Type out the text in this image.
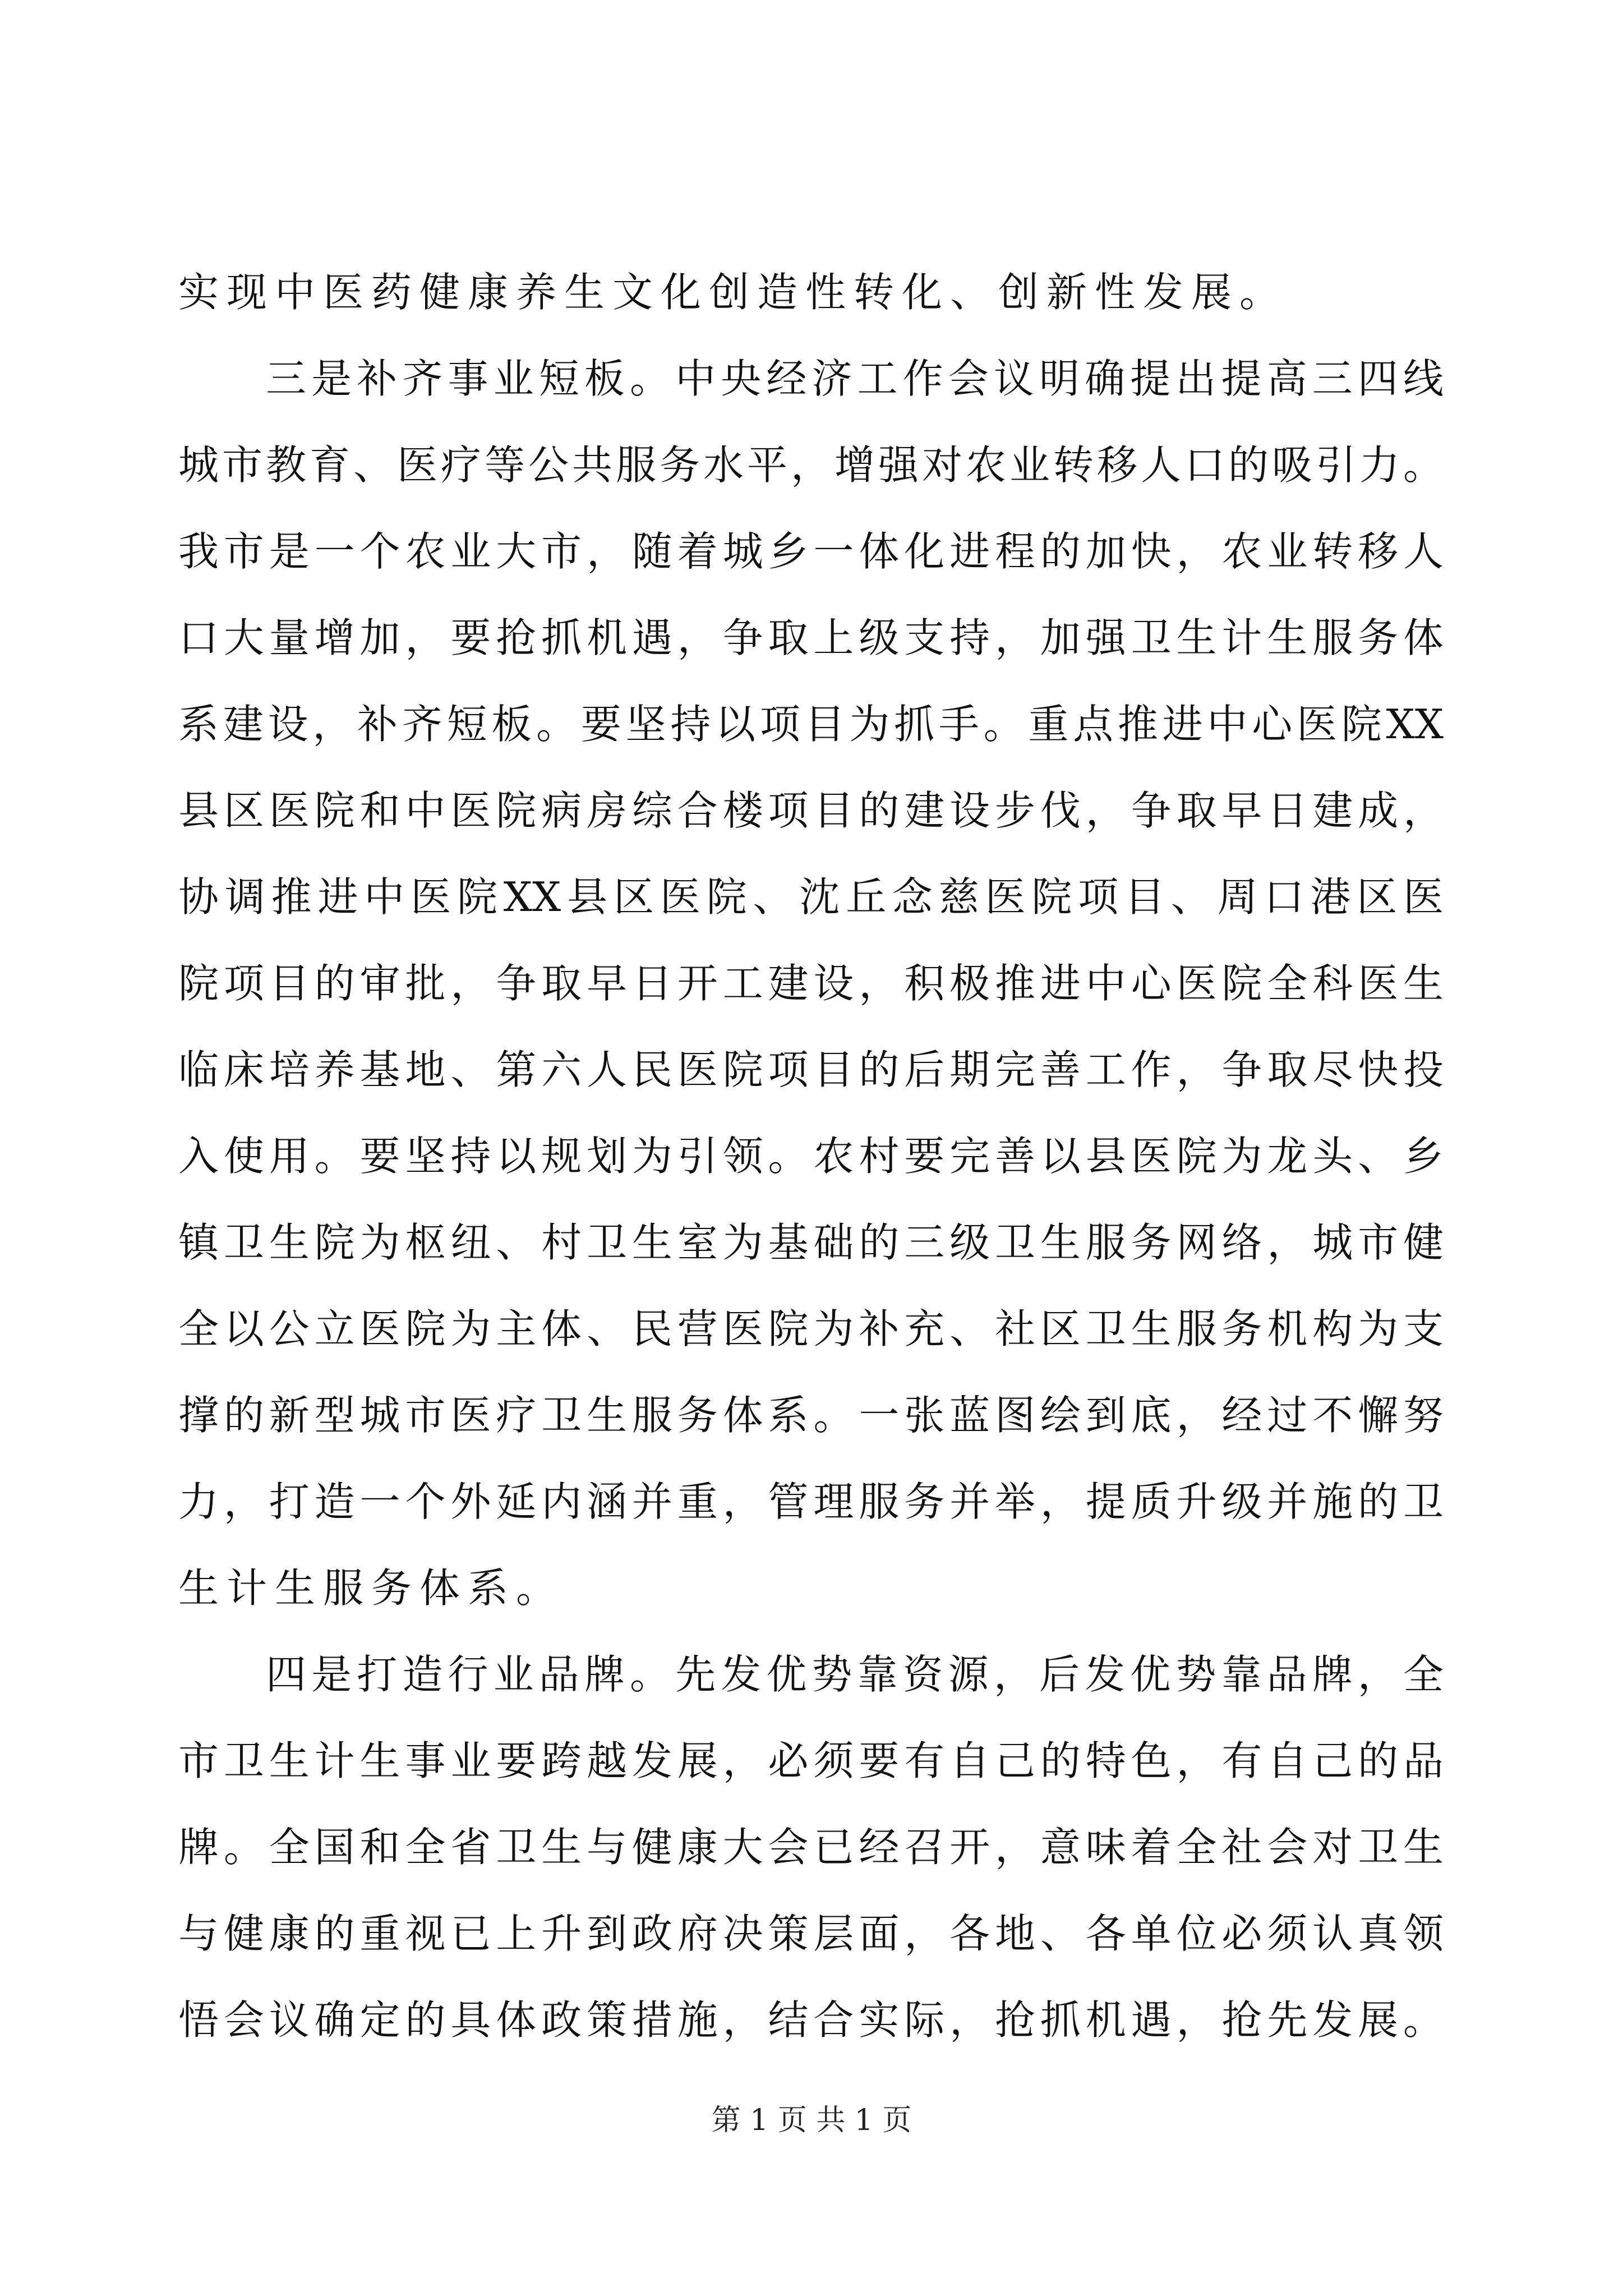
实现中医药健康养生文化创造性转化、创新性发展。
三是补齐事业短板。中央经济工作会议明确提出提高三四线
城市教育、医疗等公共服务水平，增强对农业转移人口的吸引力。
我市是一个农业大市，随着城乡一体化进程的加快，农业转移人
口大量增加，要抢抓机遇，争取上级支持，加强卫生计生服务体
系建设，补齐短板。要坚持以项目为抓手。重点推进中心医院XX
县区医院和中医院病房综合楼项目的建设步伐，争取早日建成，
协调推进中医院XX县区医院、沈丘念慈医院项目、周口港区医
院项目的审批，争取早日开工建设，积极推进中心医院全科医生
临床培养基地、第六人民医院项目的后期完善工作，争取尽快投
入使用。要坚持以规划为引领。农村要完善以县医院为龙头、乡
镇卫生院为枢纽、村卫生室为基础的三级卫生服务网络，城市健
全以公立医院为主体、民营医院为补充、社区卫生服务机构为支
撑的新型城市医疗卫生服务体系。一张蓝图绘到底，经过不懈努
力，打造一个外延内涵并重，管理服务并举，提质升级并施的卫
生计生服务体系。
四是打造行业品牌。先发优势靠资源，后发优势靠品牌，全
市卫生计生事业要跨越发展，必须要有自己的特色，有自己的品
牌。全国和全省卫生与健康大会已经召开，意味着全社会对卫生
与健康的重视已上升到政府决策层面，各地、各单位必须认真领
悟会议确定的具体政策措施，结合实际，抢抓机遇，抢先发展。
第 1 页 共 1 页
